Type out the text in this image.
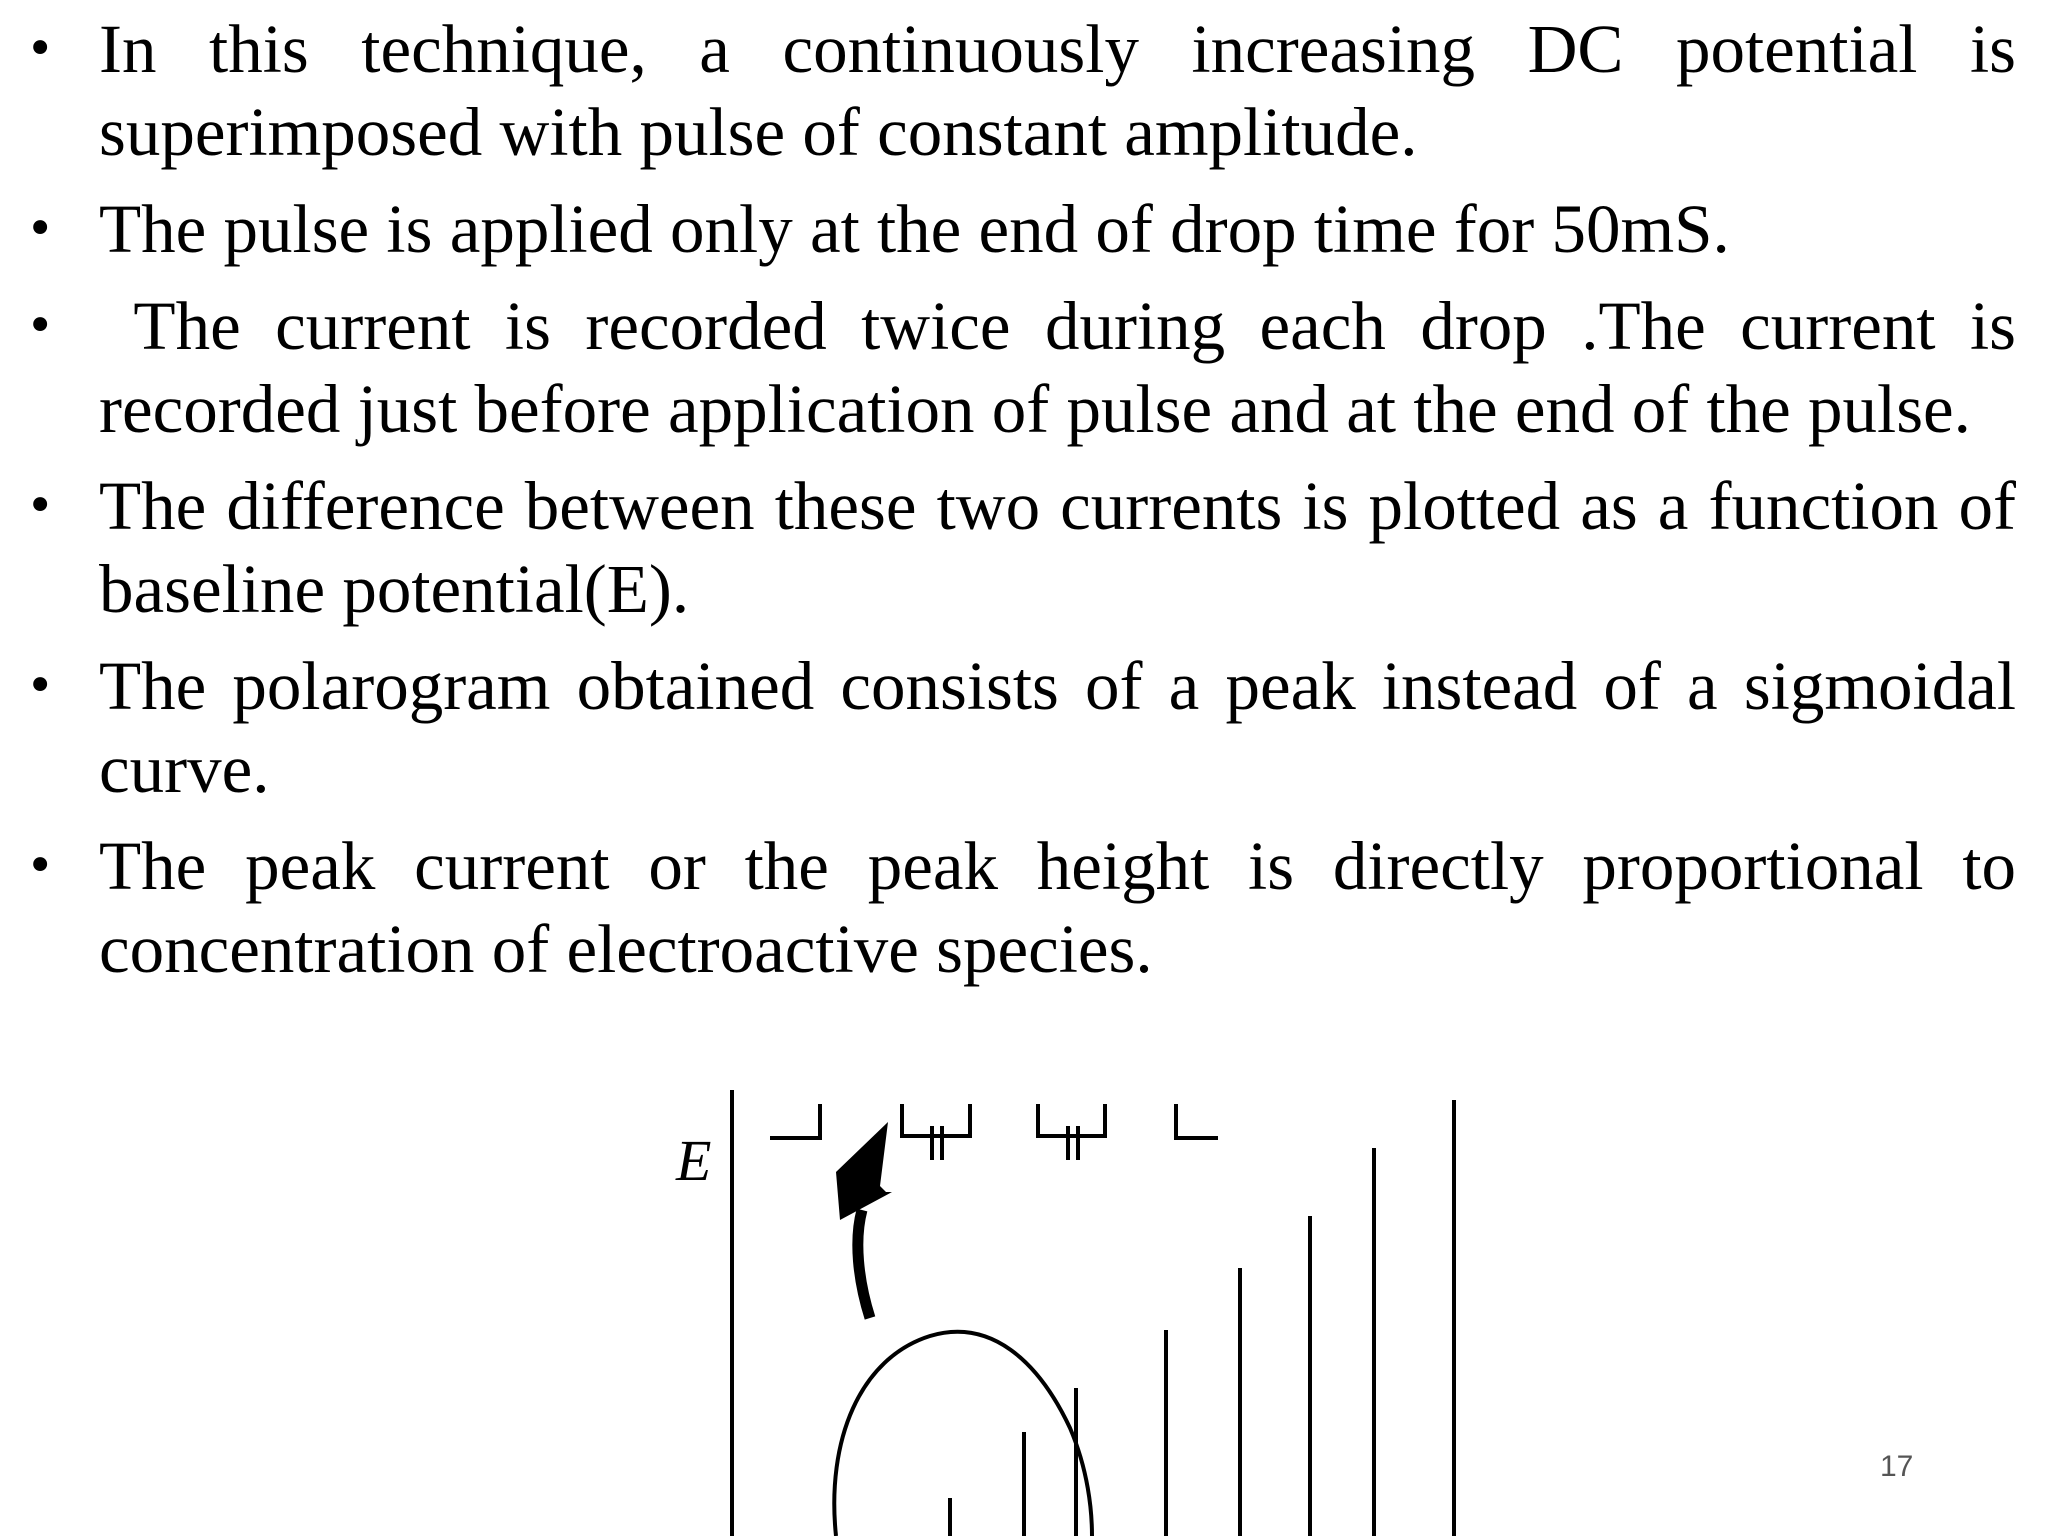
• In this technique, a continuously increasing DC potential is superimposed with pulse of constant amplitude.
• The pulse is applied only at the end of drop time for 50mS.
• The current is recorded twice during each drop .The current is recorded just before application of pulse and at the end of the pulse.
• The difference between these two currents is plotted as a function of baseline potential(E).
• The polarogram obtained consists of a peak instead of a sigmoidal curve.
• The peak current or the peak height is directly proportional to concentration of electroactive species.
E
17
